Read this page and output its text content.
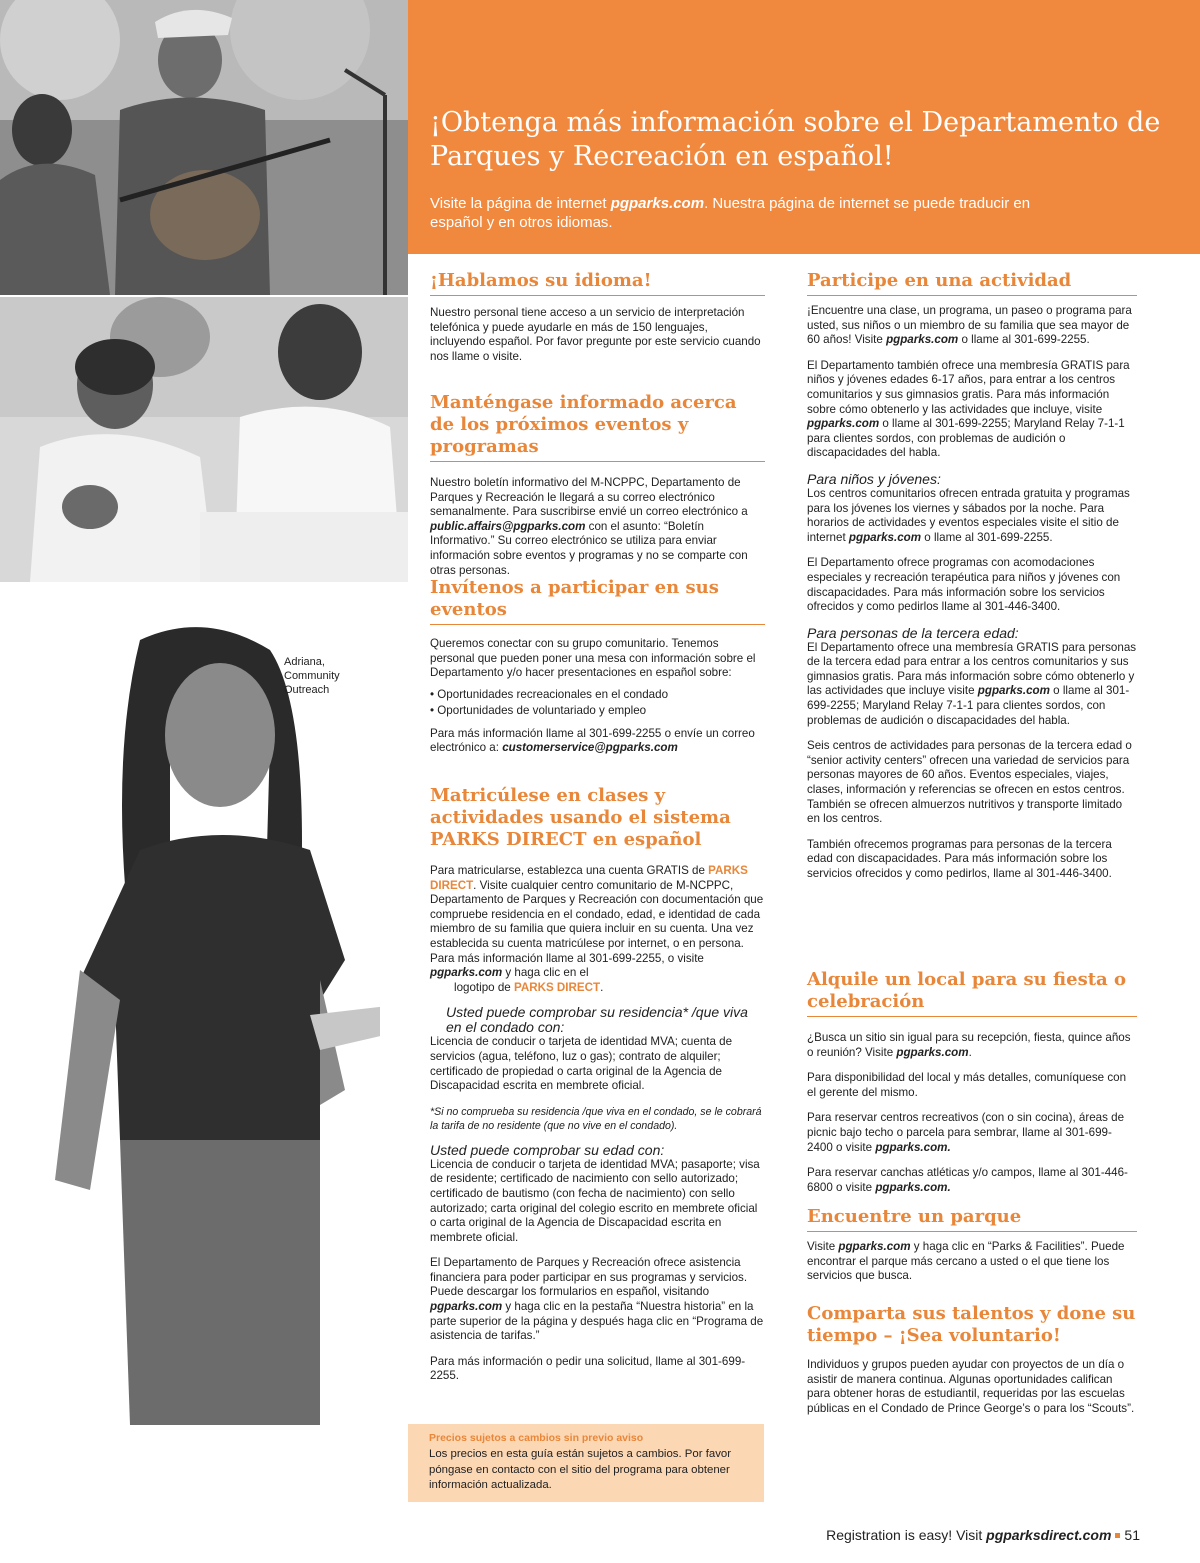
¡Obtenga más información sobre el Departamento de Parques y Recreación en español!

Visite la página de internet pgparks.com. Nuestra página de internet se puede traducir en español y en otros idiomas.

Adriana,
Community
Outreach
¡Hablamos su idioma!

Nuestro personal tiene acceso a un servicio de interpretación telefónica y puede ayudarle en más de 150 lenguajes, incluyendo español. Por favor pregunte por este servicio cuando nos llame o visite.

Manténgase informado acerca de los próximos eventos y programas

Nuestro boletín informativo del M-NCPPC, Departamento de Parques y Recreación le llegará a su correo electrónico semanalmente. Para suscribirse envié un correo electrónico a public.affairs@pgparks.com con el asunto: “Boletín Informativo.” Su correo electrónico se utiliza para enviar información sobre eventos y programas y no se comparte con otras personas.

Invítenos a participar en sus eventos

Queremos conectar con su grupo comunitario. Tenemos personal que pueden poner una mesa con información sobre el Departamento y/o hacer presentaciones en español sobre:

• Oportunidades recreacionales en el condado
• Oportunidades de voluntariado y empleo

Para más información llame al 301-699-2255 o envíe un correo electrónico a: customerservice@pgparks.com

Matricúlese en clases y actividades usando el sistema PARKS DIRECT en español

Para matricularse, establezca una cuenta GRATIS de PARKS DIRECT. Visite cualquier centro comunitario de M-NCPPC, Departamento de Parques y Recreación con documentación que compruebe residencia en el condado, edad, e identidad de cada miembro de su familia que quiera incluir en su cuenta. Una vez establecida su cuenta matricúlese por internet, o en persona. Para más información llame al 301-699-2255, o visite pgparks.com y haga clic en el
logotipo de PARKS DIRECT.

Usted puede comprobar su residencia* /que viva en el condado con:

Licencia de conducir o tarjeta de identidad MVA; cuenta de servicios (agua, teléfono, luz o gas); contrato de alquiler; certificado de propiedad o carta original de la Agencia de Discapacidad escrita en membrete oficial.

*Si no comprueba su residencia /que viva en el condado, se le cobrará la tarifa de no residente (que no vive en el condado).

Usted puede comprobar su edad con:

Licencia de conducir o tarjeta de identidad MVA; pasaporte; visa de residente; certificado de nacimiento con sello autorizado; certificado de bautismo (con fecha de nacimiento) con sello autorizado; carta original del colegio escrito en membrete oficial o carta original de la Agencia de Discapacidad escrita en membrete oficial.

El Departamento de Parques y Recreación ofrece asistencia financiera para poder participar en sus programas y servicios. Puede descargar los formularios en español, visitando pgparks.com y haga clic en la pestaña “Nuestra historia” en la parte superior de la página y después haga clic en “Programa de asistencia de tarifas.”

Para más información o pedir una solicitud, llame al 301-699-2255.

Precios sujetos a cambios sin previo aviso
Los precios en esta guía están sujetos a cambios. Por favor póngase en contacto con el sitio del programa para obtener información actualizada.
Participe en una actividad

¡Encuentre una clase, un programa, un paseo o programa para usted, sus niños o un miembro de su familia que sea mayor de 60 años! Visite pgparks.com o llame al 301-699-2255.

El Departamento también ofrece una membresía GRATIS para niños y jóvenes edades 6-17 años, para entrar a los centros comunitarios y sus gimnasios gratis. Para más información sobre cómo obtenerlo y las actividades que incluye, visite pgparks.com o llame al 301-699-2255; Maryland Relay 7-1-1 para clientes sordos, con problemas de audición o discapacidades del habla.

Para niños y jóvenes:

Los centros comunitarios ofrecen entrada gratuita y programas para los jóvenes los viernes y sábados por la noche. Para horarios de actividades y eventos especiales visite el sitio de internet pgparks.com o llame al 301-699-2255.

El Departamento ofrece programas con acomodaciones especiales y recreación terapéutica para niños y jóvenes con discapacidades. Para más información sobre los servicios ofrecidos y como pedirlos llame al 301-446-3400.

Para personas de la tercera edad:

El Departamento ofrece una membresía GRATIS para personas de la tercera edad para entrar a los centros comunitarios y sus gimnasios gratis. Para más información sobre cómo obtenerlo y las actividades que incluye visite pgparks.com o llame al 301-699-2255; Maryland Relay 7-1-1 para clientes sordos, con problemas de audición o discapacidades del habla.

Seis centros de actividades para personas de la tercera edad o “senior activity centers” ofrecen una variedad de servicios para personas mayores de 60 años. Eventos especiales, viajes, clases, información y referencias se ofrecen en estos centros. También se ofrecen almuerzos nutritivos y transporte limitado en los centros.

También ofrecemos programas para personas de la tercera edad con discapacidades. Para más información sobre los servicios ofrecidos y como pedirlos, llame al 301-446-3400.

Alquile un local para su fiesta o celebración

¿Busca un sitio sin igual para su recepción, fiesta, quince años o reunión? Visite pgparks.com.

Para disponibilidad del local y más detalles, comuníquese con el gerente del mismo.

Para reservar centros recreativos (con o sin cocina), áreas de picnic bajo techo o parcela para sembrar, llame al 301-699-2400 o visite pgparks.com.

Para reservar canchas atléticas y/o campos, llame al 301-446-6800 o visite pgparks.com.

Encuentre un parque

Visite pgparks.com y haga clic en “Parks & Facilities”. Puede encontrar el parque más cercano a usted o el que tiene los servicios que busca.

Comparta sus talentos y done su tiempo – ¡Sea voluntario!

Individuos y grupos pueden ayudar con proyectos de un día o asistir de manera continua. Algunas oportunidades califican para obtener horas de estudiantil, requeridas por las escuelas públicas en el Condado de Prince George’s o para los “Scouts”.

Registration is easy! Visit pgparksdirect.com 51
